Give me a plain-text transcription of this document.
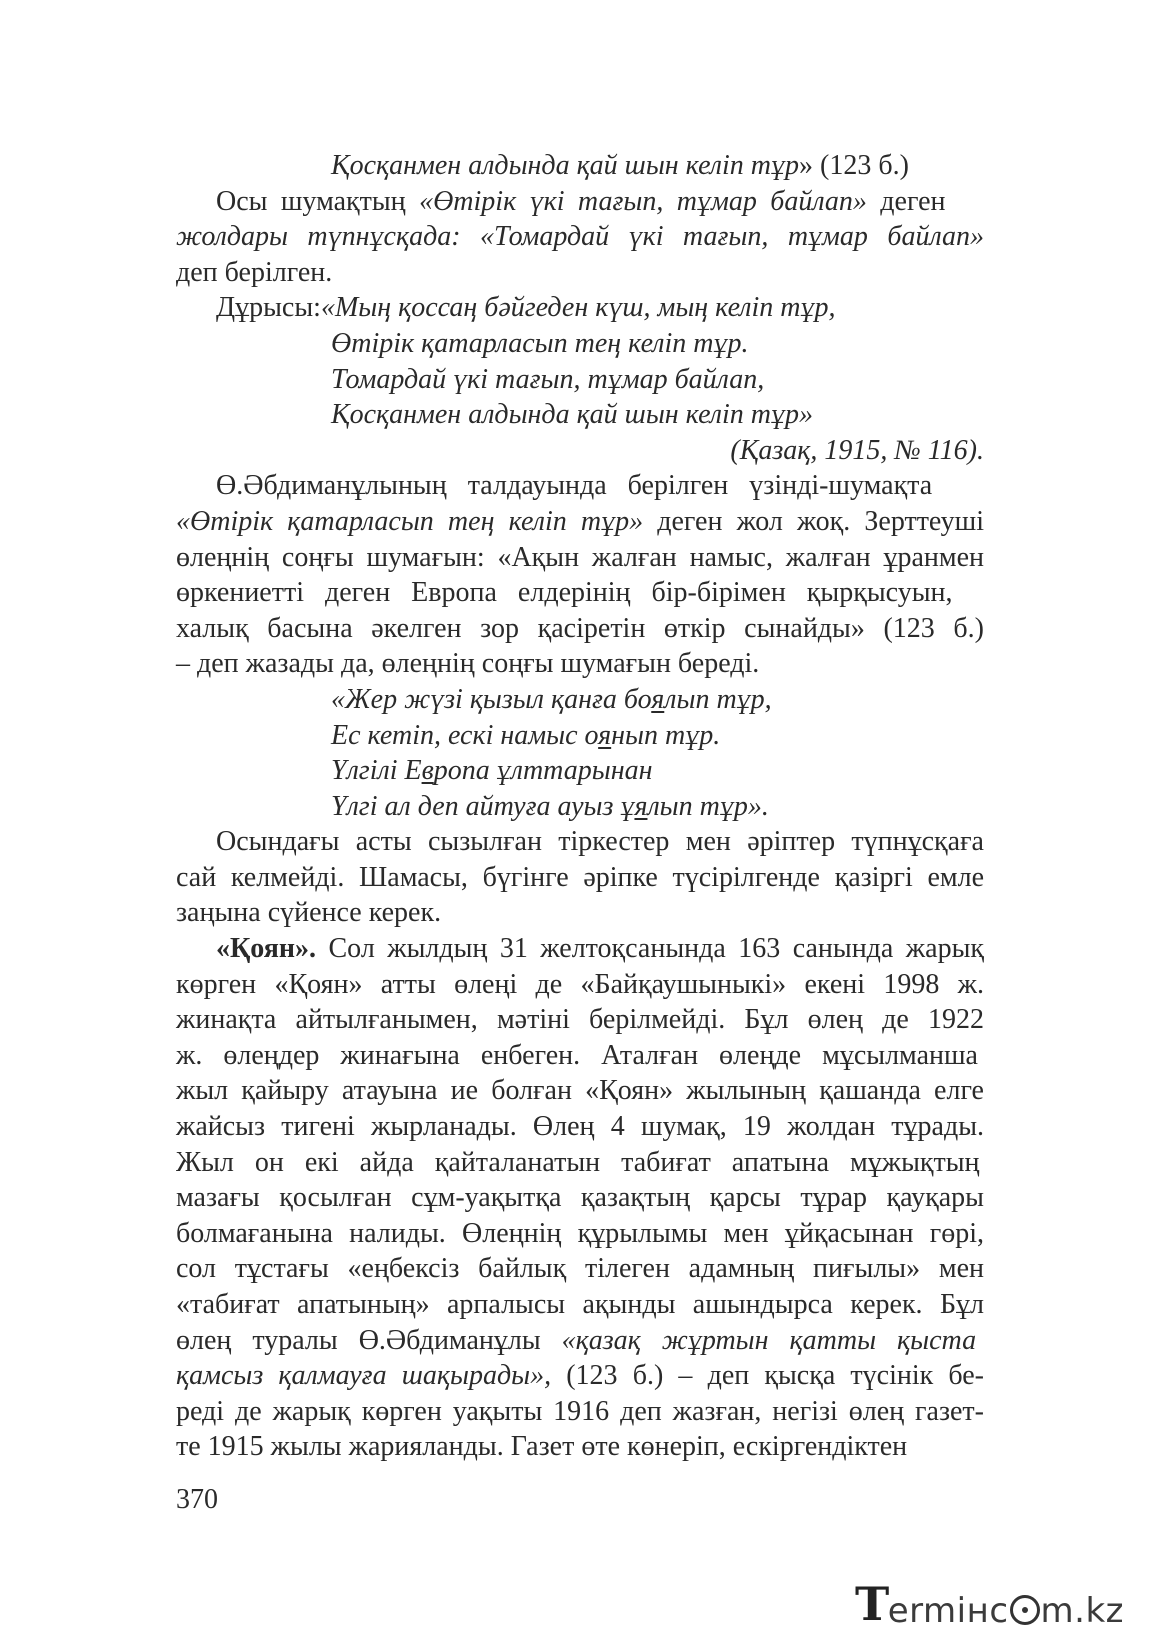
Қосқанмен алдында қай шын келіп тұр» (123 б.)
Осы шумақтың «Өтірік үкі тағып, тұмар байлап» деген
жолдары түпнұсқада: «Томардай үкі тағып, тұмар байлап»
деп берілген.
Дұрысы: «Мың қоссаң бәйгеден күш, мың келіп тұр,
Өтірік қатарласып тең келіп тұр.
Томардай үкі тағып, тұмар байлап,
Қосқанмен алдында қай шын келіп тұр»
(Қазақ, 1915, № 116).
Ө.Әбдиманұлының талдауында берілген үзінді-шумақта
«Өтірік қатарласып тең келіп тұр» деген жол жоқ. Зерттеуші
өлеңнің соңғы шумағын: «Ақын жалған намыс, жалған ұранмен
өркениетті деген Европа елдерінің бір-бірімен қырқысуын,
халық басына әкелген зор қасіретін өткір сынайды» (123 б.)
– деп жазады да, өлеңнің соңғы шумағын береді.
«Жер жүзі қызыл қанға боялып тұр,
Ес кетіп, ескі намыс оянып тұр.
Үлгілі Европа ұлттарынан
Үлгі ал деп айтуға ауыз ұялып тұр».
Осындағы асты сызылған тіркестер мен әріптер түпнұсқаға
сай келмейді. Шамасы, бүгінге әріпке түсірілгенде қазіргі емле
заңына сүйенсе керек.
«Қоян». Сол жылдың 31 желтоқсанында 163 санында жарық
көрген «Қоян» атты өлеңі де «Байқаушыныкі» екені 1998 ж.
жинақта айтылғанымен, мәтіні берілмейді. Бұл өлең де 1922
ж. өлеңдер жинағына енбеген. Аталған өлеңде мұсылманша
жыл қайыру атауына ие болған «Қоян» жылының қашанда елге
жайсыз тигені жырланады. Өлең 4 шумақ, 19 жолдан тұрады.
Жыл он екі айда қайталанатын табиғат апатына мұжықтың
мазағы қосылған сұм-уақытқа қазақтың қарсы тұрар қауқары
болмағанына налиды. Өлеңнің құрылымы мен ұйқасынан гөрі,
сол тұстағы «еңбексіз байлық тілеген адамның пиғылы» мен
«табиғат апатының» арпалысы ақынды ашындырса керек. Бұл
өлең туралы Ө.Әбдиманұлы «қазақ жұртын қатты қыста
қамсыз қалмауға шақырады», (123 б.) – деп қысқа түсінік бе-
реді де жарық көрген уақыты 1916 деп жазған, негізі өлең газет-
те 1915 жылы жарияланды. Газет өте көнеріп, ескіргендіктен
370
T
ermінc m.kz
